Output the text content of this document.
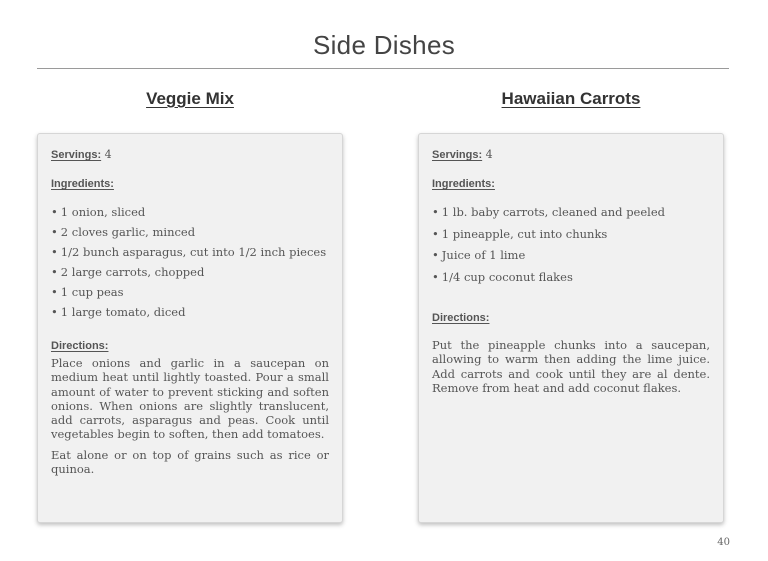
Side Dishes
Veggie Mix
Servings: 4
Ingredients:
• 1 onion, sliced
• 2 cloves garlic, minced
• 1/2 bunch asparagus, cut into 1/2 inch pieces
• 2 large carrots, chopped
• 1 cup peas
• 1 large tomato, diced
Directions:

Place onions and garlic in a saucepan on medium heat until lightly toasted. Pour a small amount of water to prevent sticking and soften onions. When onions are slightly translucent, add carrots, asparagus and peas. Cook until vegetables begin to soften, then add tomatoes.

Eat alone or on top of grains such as rice or quinoa.

Hawaiian Carrots
Servings: 4
Ingredients:
• 1 lb. baby carrots, cleaned and peeled
• 1 pineapple, cut into chunks
• Juice of 1 lime
• 1/4 cup coconut flakes
Directions:

Put the pineapple chunks into a saucepan, allowing to warm then adding the lime juice. Add carrots and cook until they are al dente. Remove from heat and add coconut flakes.

40
